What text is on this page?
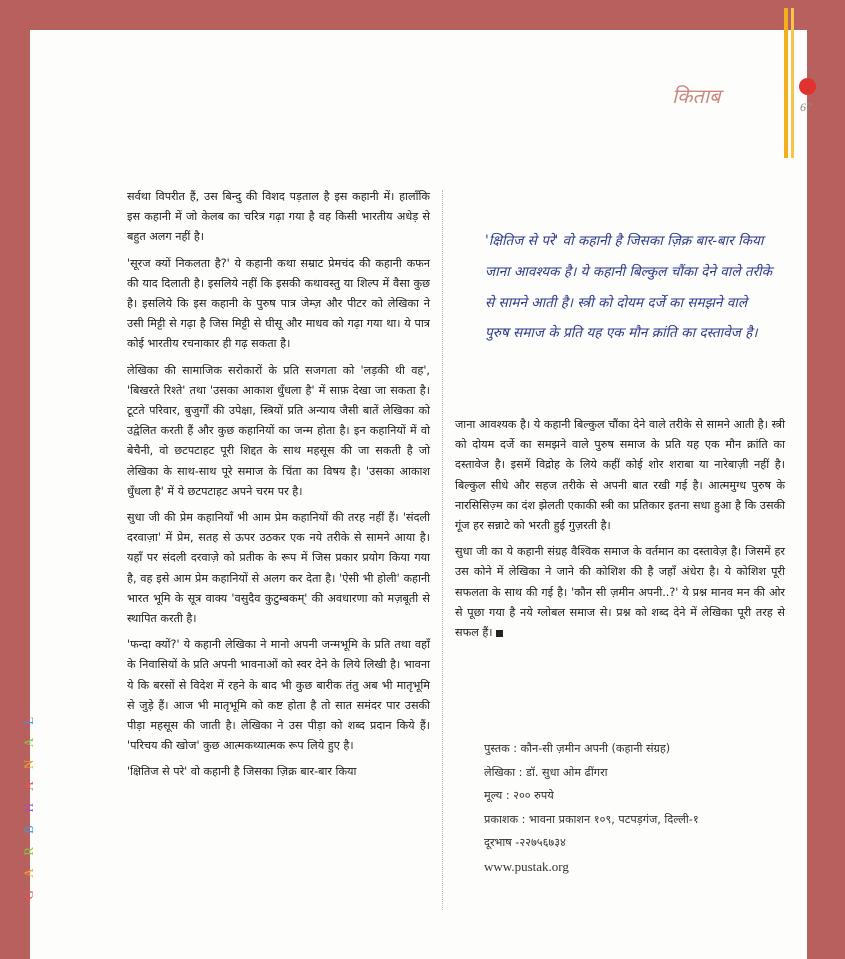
किताब	67

सर्वथा विपरीत हैं, उस बिन्दु की विशद पड़ताल है इस कहानी में। हालाँकि इस कहानी में जो केलब का चरित्र गढ़ा गया है वह किसी भारतीय अधेड़ से बहुत अलग नहीं है।

'सूरज क्यों निकलता है?' ये कहानी कथा सम्राट प्रेमचंद की कहानी कफन की याद दिलाती है। इसलिये नहीं कि इसकी कथावस्तु या शिल्प में वैसा कुछ है। इसलिये कि इस कहानी के पुरुष पात्र जेम्ज़ और पीटर को लेखिका ने उसी मिट्टी से गढ़ा है जिस मिट्टी से घीसू और माधव को गढ़ा गया था। ये पात्र कोई भारतीय रचनाकार ही गढ़ सकता है।

लेखिका की सामाजिक सरोकारों के प्रति सजगता को 'लड़की थी वह', 'बिखरते रिश्ते' तथा 'उसका आकाश धुँधला है' में साफ़ देखा जा सकता है। टूटते परिवार, बुजुर्गों की उपेक्षा, स्त्रियों प्रति अन्याय जैसी बातें लेखिका को उद्वेलित करती हैं और कुछ कहानियों का जन्म होता है। इन कहानियों में वो बेचैनी, वो छटपटाहट पूरी शिद्दत के साथ महसूस की जा सकती है जो लेखिका के साथ-साथ पूरे समाज के चिंता का विषय है। 'उसका आकाश धुँधला है' में ये छटपटाहट अपने चरम पर है।

सुधा जी की प्रेम कहानियाँ भी आम प्रेम कहानियों की तरह नहीं हैं। 'संदली दरवाज़ा' में प्रेम, सतह से ऊपर उठकर एक नये तरीके से सामने आया है। यहाँ पर संदली दरवाज़े को प्रतीक के रूप में जिस प्रकार प्रयोग किया गया है, वह इसे आम प्रेम कहानियों से अलग कर देता है। 'ऐसी भी होली' कहानी भारत भूमि के सूत्र वाक्य 'वसुदैव कुटुम्बकम्' की अवधारणा को मज़बूती से स्थापित करती है।

'फन्दा क्यों?' ये कहानी लेखिका ने मानो अपनी जन्मभूमि के प्रति तथा वहाँ के निवासियों के प्रति अपनी भावनाओं को स्वर देने के लिये लिखी है। भावना ये कि बरसों से विदेश में रहने के बाद भी कुछ बारीक तंतु अब भी मातृभूमि से जुड़े हैं। आज भी मातृभूमि को कष्ट होता है तो सात समंदर पार उसकी पीड़ा महसूस की जाती है। लेखिका ने उस पीड़ा को शब्द प्रदान किये हैं। 'परिचय की खोज' कुछ आत्मकथ्यात्मक रूप लिये हुए है।

'क्षितिज से परे' वो कहानी है जिसका ज़िक्र बार-बार किया

'क्षितिज से परे' वो कहानी है जिसका ज़िक्र बार-बार किया जाना आवश्यक है। ये कहानी बिल्कुल चौंका देने वाले तरीके से सामने आती है। स्त्री को दोयम दर्जे का समझने वाले पुरुष समाज के प्रति यह एक मौन क्रांति का दस्तावेज है।

जाना आवश्यक है। ये कहानी बिल्कुल चौंका देने वाले तरीके से सामने आती है। स्त्री को दोयम दर्जे का समझने वाले पुरुष समाज के प्रति यह एक मौन क्रांति का दस्तावेज है। इसमें विद्रोह के लिये कहीं कोई शोर शराबा या नारेबाज़ी नहीं है। बिल्कुल सीधे और सहज तरीके से अपनी बात रखी गई है। आत्ममुग्ध पुरुष के नारसिसिज़्म का दंश झेलती एकाकी स्त्री का प्रतिकार इतना सधा हुआ है कि उसकी गूंज हर सन्नाटे को भरती हुई गुज़रती है।

सुधा जी का ये कहानी संग्रह वैश्विक समाज के वर्तमान का दस्तावेज़ है। जिसमें हर उस कोने में लेखिका ने जाने की कोशिश की है जहाँ अंधेरा है। ये कोशिश पूरी सफलता के साथ की गई है। 'कौन सी ज़मीन अपनी..?' ये प्रश्न मानव मन की ओर से पूछा गया है नये ग्लोबल समाज से। प्रश्न को शब्द देने में लेखिका पूरी तरह से सफल हैं।

पुस्तक : कौन-सी ज़मीन अपनी (कहानी संग्रह)
लेखिका : डॉ. सुधा ओम ढींगरा
मूल्य : २०० रुपये
प्रकाशक : भावना प्रकाशन १०९, पटपड़गंज, दिल्ली-१
दूरभाष -२२७५६७३४
www.pustak.org
G A R B H A N A L
